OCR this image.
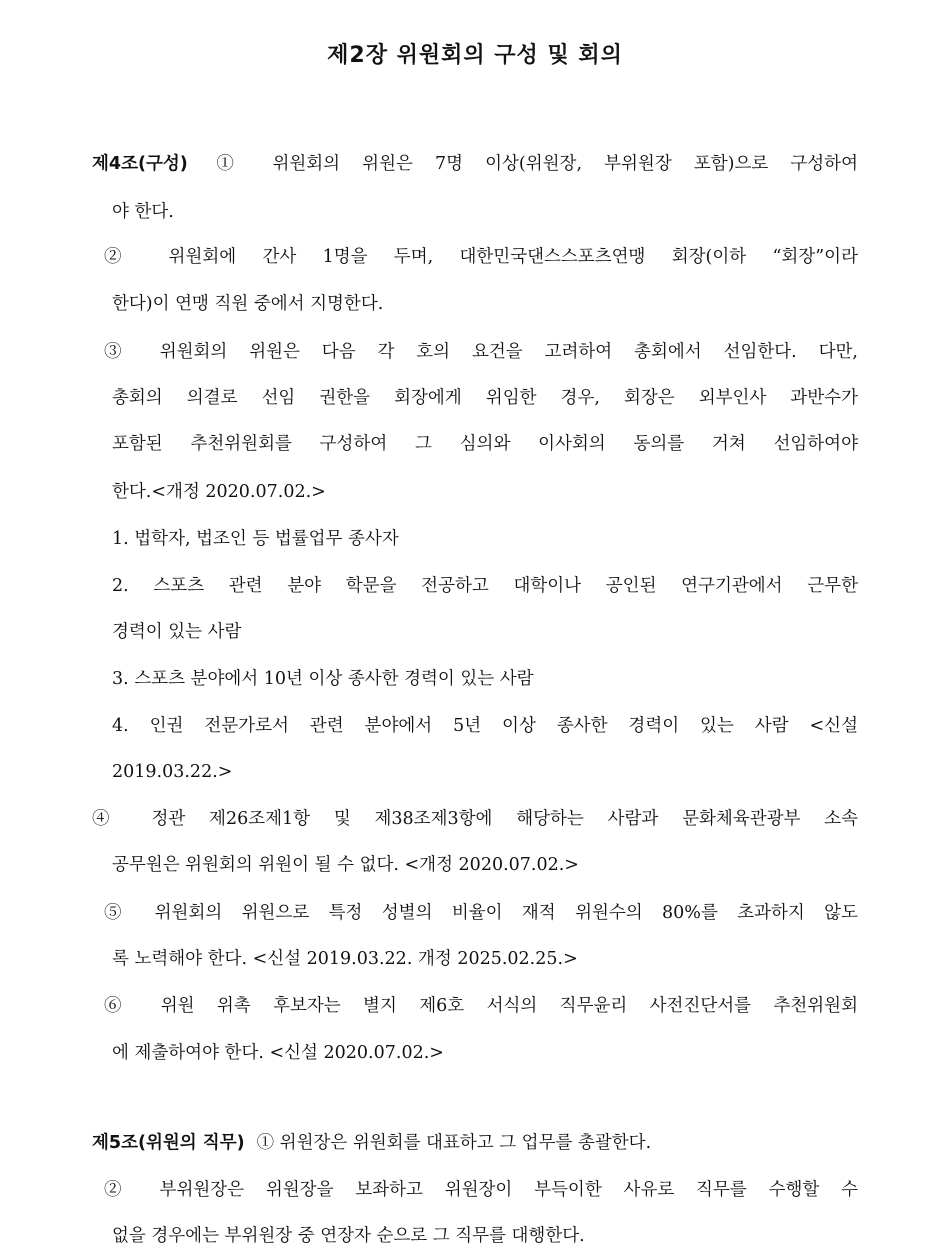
제2장 위원회의 구성 및 회의
제4조(구성) ① 위원회의 위원은 7명 이상(위원장, 부위원장 포함)으로 구성하여
야 한다.
② 위원회에 간사 1명을 두며, 대한민국댄스스포츠연맹 회장(이하 “회장”이라
한다)이 연맹 직원 중에서 지명한다.
③ 위원회의 위원은 다음 각 호의 요건을 고려하여 총회에서 선임한다. 다만,
총회의 의결로 선임 권한을 회장에게 위임한 경우, 회장은 외부인사 과반수가
포함된 추천위원회를 구성하여 그 심의와 이사회의 동의를 거쳐 선임하여야
한다.<개정 2020.07.02.>
1. 법학자, 법조인 등 법률업무 종사자
2. 스포츠 관련 분야 학문을 전공하고 대학이나 공인된 연구기관에서 근무한
경력이 있는 사람
3. 스포츠 분야에서 10년 이상 종사한 경력이 있는 사람
4. 인권 전문가로서 관련 분야에서 5년 이상 종사한 경력이 있는 사람 <신설
2019.03.22.>
④ 정관 제26조제1항 및 제38조제3항에 해당하는 사람과 문화체육관광부 소속
공무원은 위원회의 위원이 될 수 없다. <개정 2020.07.02.>
⑤ 위원회의 위원으로 특정 성별의 비율이 재적 위원수의 80%를 초과하지 않도
록 노력해야 한다. <신설 2019.03.22. 개정 2025.02.25.>
⑥ 위원 위촉 후보자는 별지 제6호 서식의 직무윤리 사전진단서를 추천위원회
에 제출하여야 한다. <신설 2020.07.02.>
제5조(위원의 직무) ① 위원장은 위원회를 대표하고 그 업무를 총괄한다.
② 부위원장은 위원장을 보좌하고 위원장이 부득이한 사유로 직무를 수행할 수
없을 경우에는 부위원장 중 연장자 순으로 그 직무를 대행한다.
